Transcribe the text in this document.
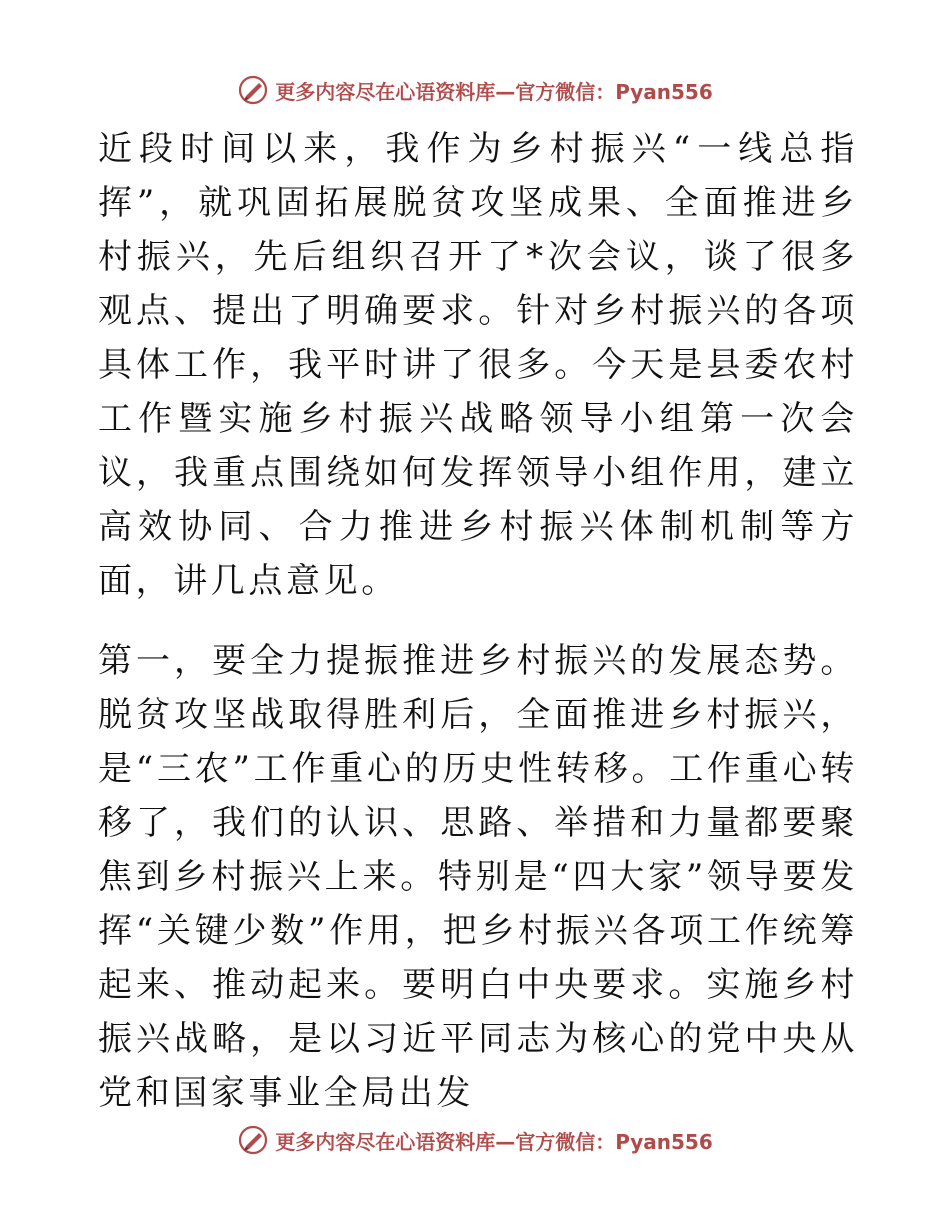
更多内容尽在心语资料库—官方微信：Pyan556

近段时间以来，我作为乡村振兴“一线总指挥”，就巩固拓展脱贫攻坚成果、全面推进乡村振兴，先后组织召开了*次会议，谈了很多观点、提出了明确要求。针对乡村振兴的各项具体工作，我平时讲了很多。今天是县委农村工作暨实施乡村振兴战略领导小组第一次会议，我重点围绕如何发挥领导小组作用，建立高效协同、合力推进乡村振兴体制机制等方面，讲几点意见。

第一，要全力提振推进乡村振兴的发展态势。脱贫攻坚战取得胜利后，全面推进乡村振兴，是“三农”工作重心的历史性转移。工作重心转移了，我们的认识、思路、举措和力量都要聚焦到乡村振兴上来。特别是“四大家”领导要发挥“关键少数”作用，把乡村振兴各项工作统筹起来、推动起来。要明白中央要求。实施乡村振兴战略，是以习近平同志为核心的党中央从党和国家事业全局出发

更多内容尽在心语资料库—官方微信：Pyan556
